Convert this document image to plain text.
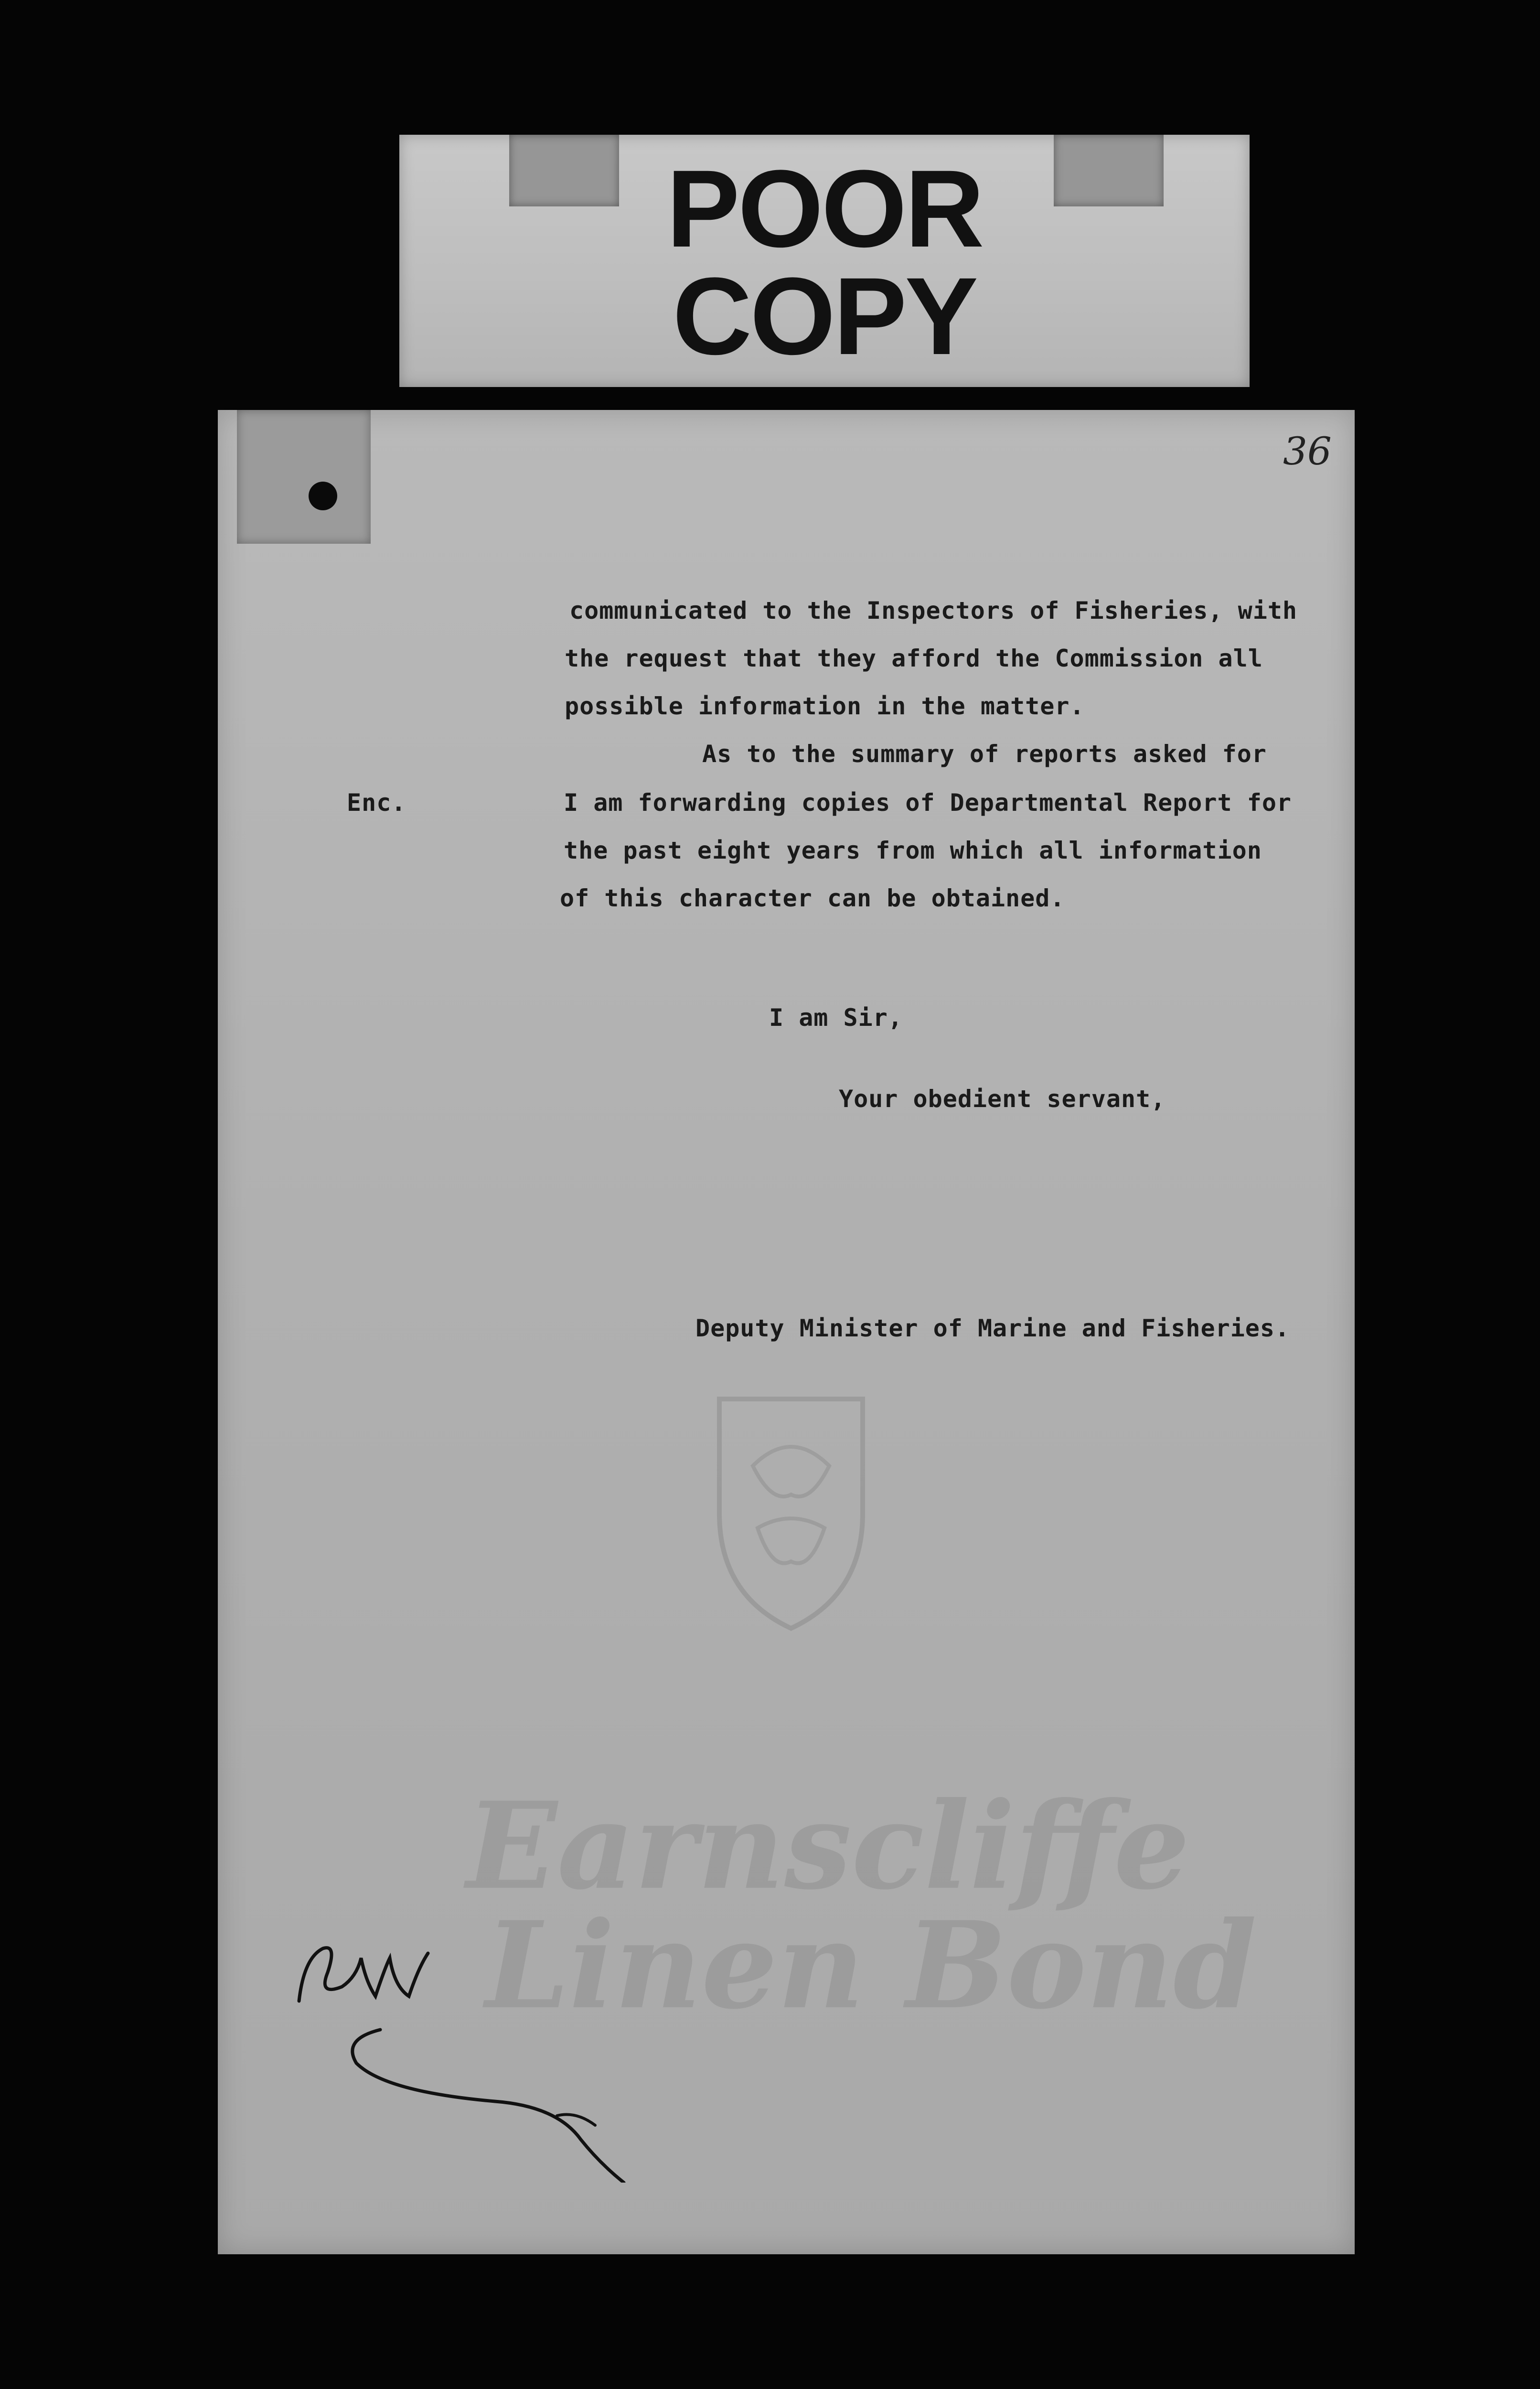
POOR
COPY
36
Earnscliffe
Linen Bond
communicated to the Inspectors of Fisheries, with
the request that they afford the Commission all
possible information in the matter.
As to the summary of reports asked for
Enc.	I am forwarding copies of Departmental Report for
the past eight years from which all information
of this character can be obtained.
I am Sir,
Your obedient servant,
Deputy Minister of Marine and Fisheries.
